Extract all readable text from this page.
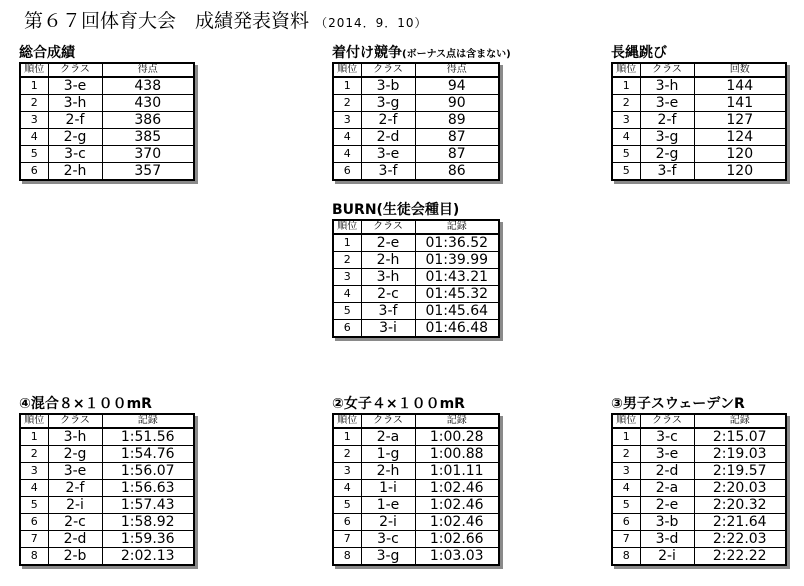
第６７回体育大会　成績発表資料 （2014．9．10）
総合成績
順位	クラス	得点
1	3-e	438
2	3-h	430
3	2-f	386
4	2-g	385
5	3-c	370
6	2-h	357
着付け競争(ボーナス点は含まない)
順位	クラス	得点
1	3-b	94
2	3-g	90
3	2-f	89
4	2-d	87
4	3-e	87
6	3-f	86
長縄跳び
順位	クラス	回数
1	3-h	144
2	3-e	141
3	2-f	127
4	3-g	124
5	2-g	120
5	3-f	120
BURN(生徒会種目)
順位	クラス	記録
1	2-e	01:36.52
2	2-h	01:39.99
3	3-h	01:43.21
4	2-c	01:45.32
5	3-f	01:45.64
6	3-i	01:46.48
④混合８×１００mR
順位	クラス	記録
1	3-h	1:51.56
2	2-g	1:54.76
3	3-e	1:56.07
4	2-f	1:56.63
5	2-i	1:57.43
6	2-c	1:58.92
7	2-d	1:59.36
8	2-b	2:02.13
②女子４×１００mR
順位	クラス	記録
1	2-a	1:00.28
2	1-g	1:00.88
3	2-h	1:01.11
4	1-i	1:02.46
5	1-e	1:02.46
6	2-i	1:02.46
7	3-c	1:02.66
8	3-g	1:03.03
③男子スウェーデンR
順位	クラス	記録
1	3-c	2:15.07
2	3-e	2:19.03
3	2-d	2:19.57
4	2-a	2:20.03
5	2-e	2:20.32
6	3-b	2:21.64
7	3-d	2:22.03
8	2-i	2:22.22
